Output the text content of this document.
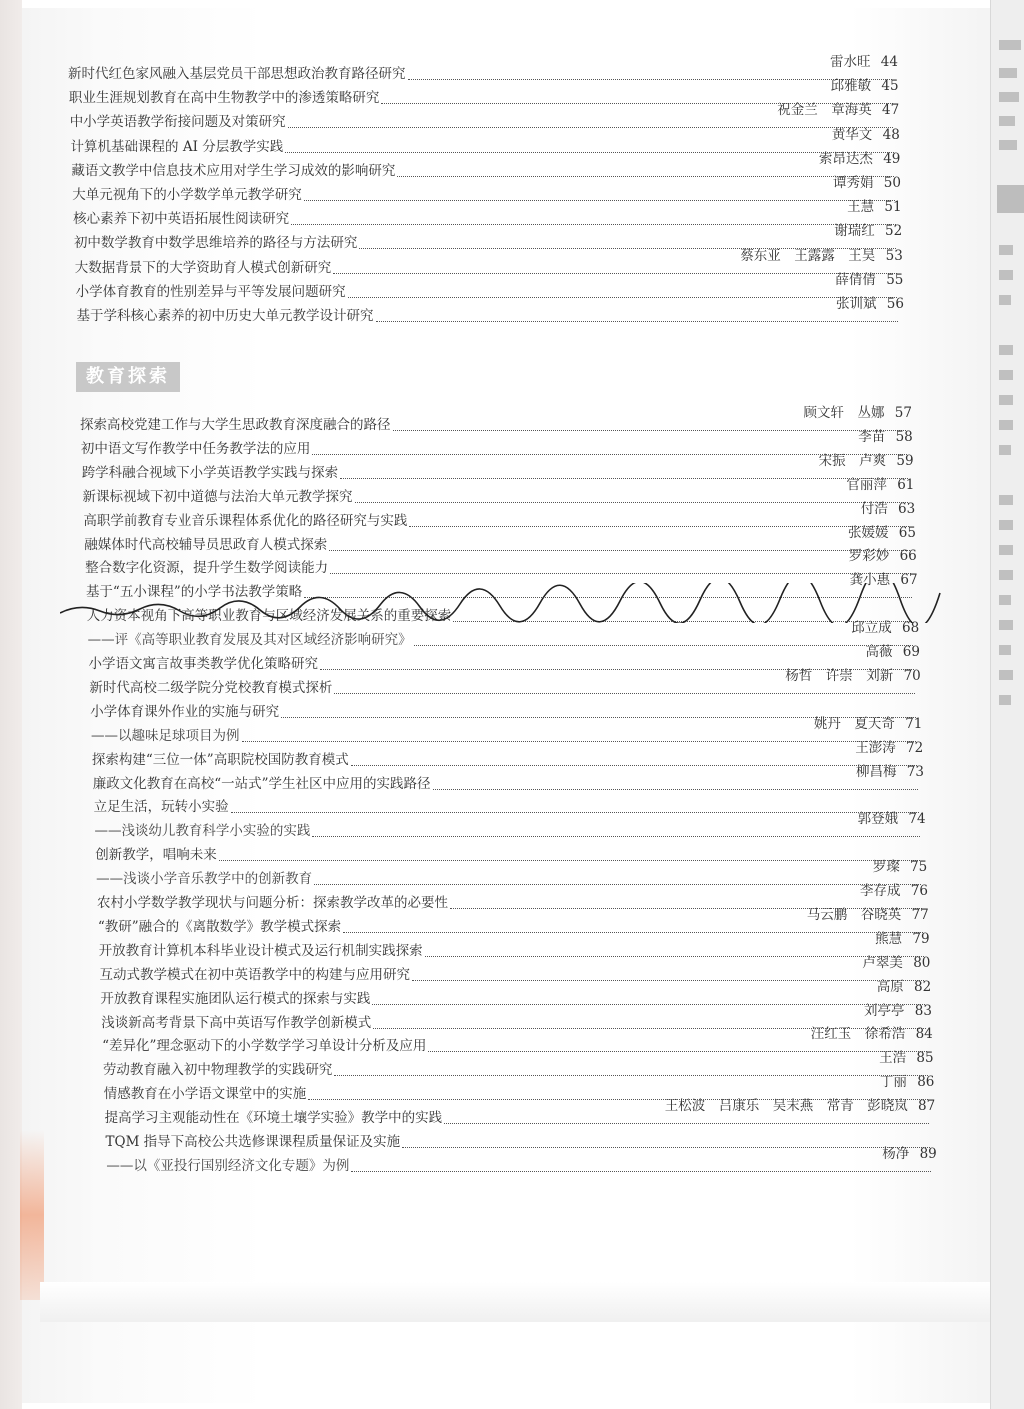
新时代红色家风融入基层党员干部思想政治教育路径研究
雷水旺 44
职业生涯规划教育在高中生物教学中的渗透策略研究
邱雅敏 45
中小学英语教学衔接问题及对策研究
祝金兰　章海英 47
计算机基础课程的 AI 分层教学实践
黄华文 48
藏语文教学中信息技术应用对学生学习成效的影响研究
索昂达杰 49
大单元视角下的小学数学单元教学研究
谭秀娟 50
核心素养下初中英语拓展性阅读研究
王慧 51
初中数学教育中数学思维培养的路径与方法研究
谢瑞红 52
大数据背景下的大学资助育人模式创新研究
蔡东亚　王露露　王昊 53
小学体育教育的性别差异与平等发展问题研究
薛倩倩 55
基于学科核心素养的初中历史大单元教学设计研究
张训斌 56
教育探索
探索高校党建工作与大学生思政教育深度融合的路径
顾文轩　丛娜 57
初中语文写作教学中任务教学法的应用
李苗 58
跨学科融合视域下小学英语教学实践与探索
宋振　卢爽 59
新课标视域下初中道德与法治大单元教学探究
官丽萍 61
高职学前教育专业音乐课程体系优化的路径研究与实践
付浩 63
融媒体时代高校辅导员思政育人模式探索
张媛媛 65
整合数字化资源，提升学生数学阅读能力
罗彩妙 66
基于“五小课程”的小学书法教学策略
龚小惠 67
人力资本视角下高等职业教育与区域经济发展关系的重要探索
——评《高等职业教育发展及其对区域经济影响研究》
邱立成 68
小学语文寓言故事类教学优化策略研究
高薇 69
新时代高校二级学院分党校教育模式探析
杨哲　许崇　刘新 70
小学体育课外作业的实施与研究
——以趣味足球项目为例
姚丹　夏天奇 71
探索构建“三位一体”高职院校国防教育模式
王澎涛 72
廉政文化教育在高校“一站式”学生社区中应用的实践路径
柳昌梅 73
立足生活，玩转小实验
——浅谈幼儿教育科学小实验的实践
郭登娥 74
创新教学，唱响未来
——浅谈小学音乐教学中的创新教育
罗璨 75
农村小学数学教学现状与问题分析：探索教学改革的必要性
李存成 76
“教研”融合的《离散数学》教学模式探索
马云鹏　谷晓英 77
开放教育计算机本科毕业设计模式及运行机制实践探索
熊慧 79
互动式教学模式在初中英语教学中的构建与应用研究
卢翠美 80
开放教育课程实施团队运行模式的探索与实践
高原 82
浅谈新高考背景下高中英语写作教学创新模式
刘亭亭 83
“差异化”理念驱动下的小学数学学习单设计分析及应用
汪红玉　徐希浩 84
劳动教育融入初中物理教学的实践研究
王浩 85
情感教育在小学语文课堂中的实施
丁丽 86
提高学习主观能动性在《环境土壤学实验》教学中的实践
王松波　吕康乐　吴末燕　常青　彭晓岚 87
TQM 指导下高校公共选修课课程质量保证及实施
——以《亚投行国别经济文化专题》为例
杨净 89
